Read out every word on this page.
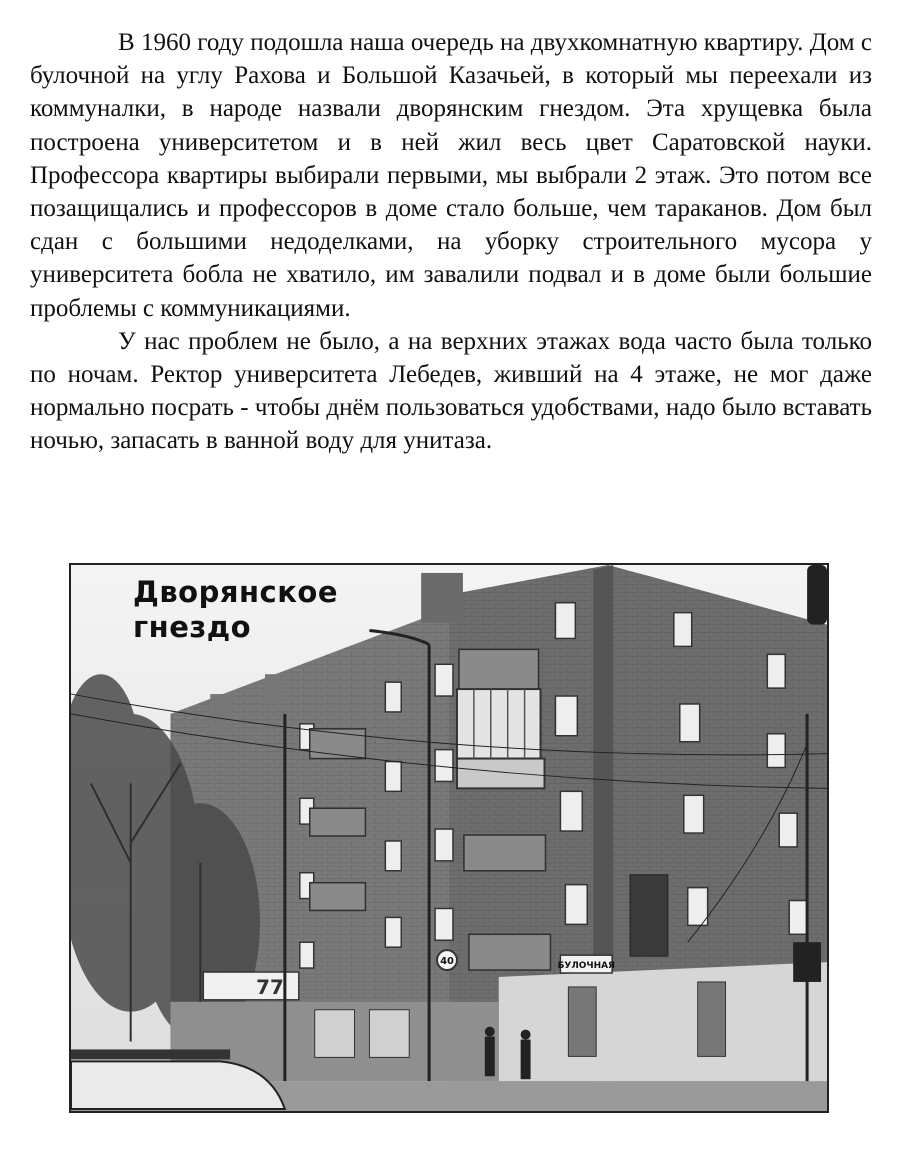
В 1960 году подошла наша очередь на двухкомнатную квартиру. Дом с булочной на углу Рахова и Большой Казачьей, в который мы переехали из коммуналки, в народе назвали дворянским гнездом. Эта хрущевка была построена университетом и в ней жил весь цвет Саратовской науки. Профессора квартиры выбирали первыми, мы выбрали 2 этаж. Это потом все позащищались и профессоров в доме стало больше, чем тараканов. Дом был сдан с большими недоделками, на уборку строительного мусора у университета бобла не хватило, им завалили подвал и в доме были большие проблемы с коммуникациями.

У нас проблем не было, а на верхних этажах вода часто была только по ночам. Ректор университета Лебедев, живший на 4 этаже, не мог даже нормально посрать - чтобы днём пользоваться удобствами, надо было вставать ночью, запасать в ванной воду для унитаза.

БУЛОЧНАЯ
77
40
Дворянское
гнездо
